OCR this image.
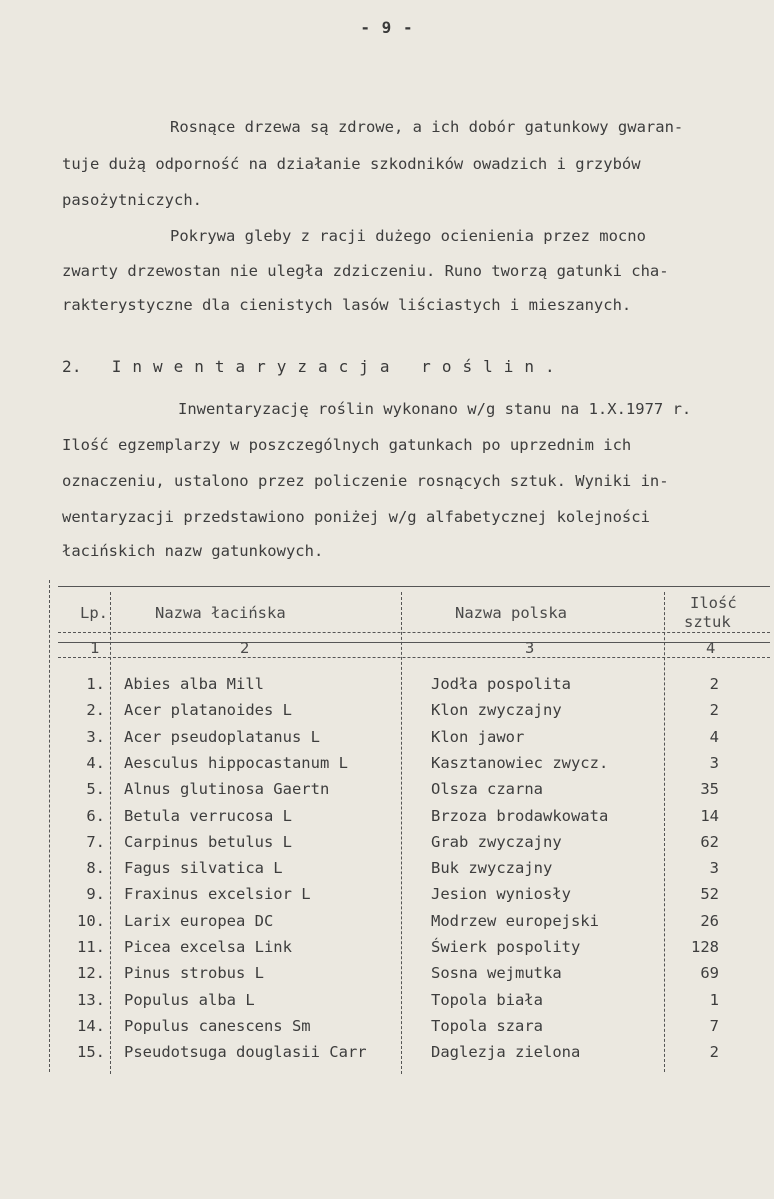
- 9 -
Rosnące drzewa są zdrowe, a ich dobór gatunkowy gwaran-
tuje dużą odporność na działanie szkodników owadzich i grzybów
pasożytniczych.
Pokrywa gleby z racji dużego ocienienia przez mocno
zwarty drzewostan nie uległa zdziczeniu. Runo tworzą gatunki cha-
rakterystyczne dla cienistych lasów liściastych i mieszanych.
2. Inwentaryzacja roślin.
Inwentaryzację roślin wykonano w/g stanu na 1.X.1977 r.
Ilość egzemplarzy w poszczególnych gatunkach po uprzednim ich
oznaczeniu, ustalono przez policzenie rosnących sztuk. Wyniki in-
wentaryzacji przedstawiono poniżej w/g alfabetycznej kolejności
łacińskich nazw gatunkowych.
Lp.	Nazwa łacińska	Nazwa polska
Ilość
sztuk
1	2	3	4
1. Abies alba Mill	Jodła pospolita	2
2. Acer platanoides L	Klon zwyczajny	2
3. Acer pseudoplatanus L	Klon jawor	4
4. Aesculus hippocastanum L	Kasztanowiec zwycz.	3
5. Alnus glutinosa Gaertn	Olsza czarna	35
6. Betula verrucosa L	Brzoza brodawkowata	14
7. Carpinus betulus L	Grab zwyczajny	62
8. Fagus silvatica L	Buk zwyczajny	3
9. Fraxinus excelsior L	Jesion wyniosły	52
10. Larix europea DC	Modrzew europejski	26
11. Picea excelsa Link	Świerk pospolity	128
12. Pinus strobus L	Sosna wejmutka	69
13. Populus alba L	Topola biała	1
14. Populus canescens Sm	Topola szara	7
15. Pseudotsuga douglasii Carr	Daglezja zielona	2
